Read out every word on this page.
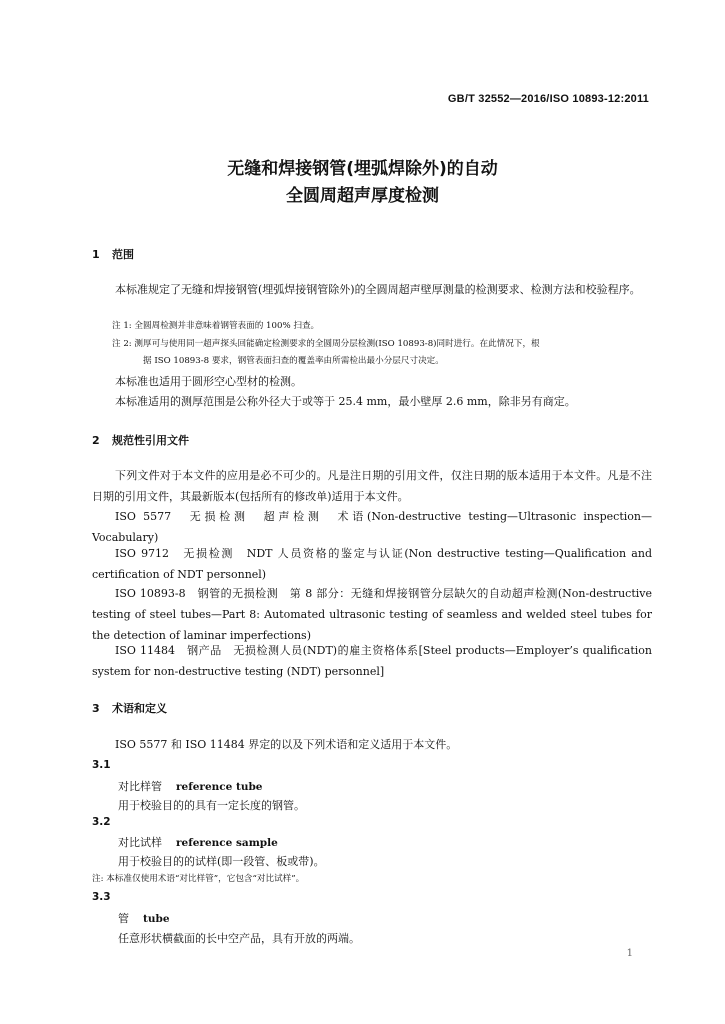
GB/T 32552—2016/ISO 10893-12:2011
无缝和焊接钢管(埋弧焊除外)的自动
全圆周超声厚度检测
1 范围
本标准规定了无缝和焊接钢管(埋弧焊接钢管除外)的全圆周超声壁厚测量的检测要求、检测方法和校验程序。
注 1: 全圆周检测并非意味着钢管表面的 100% 扫查。
注 2: 测厚可与使用同一超声探头回能确定检测要求的全圆周分层检测(ISO 10893-8)同时进行。在此情况下，根
据 ISO 10893-8 要求，钢管表面扫查的覆盖率由所需检出最小分层尺寸决定。
本标准也适用于圆形空心型材的检测。
本标准适用的测厚范围是公称外径大于或等于 25.4 mm，最小壁厚 2.6 mm，除非另有商定。
2 规范性引用文件
下列文件对于本文件的应用是必不可少的。凡是注日期的引用文件，仅注日期的版本适用于本文件。凡是不注日期的引用文件，其最新版本(包括所有的修改单)适用于本文件。
ISO 5577　无损检测　超声检测　术语(Non-destructive testing—Ultrasonic inspection— Vocabulary)
ISO 9712　无损检测　NDT 人员资格的鉴定与认证(Non destructive testing—Qualification and certification of NDT personnel)
ISO 10893-8　钢管的无损检测　第 8 部分：无缝和焊接钢管分层缺欠的自动超声检测(Non-destructive testing of steel tubes—Part 8: Automated ultrasonic testing of seamless and welded steel tubes for the detection of laminar imperfections)
ISO 11484　钢产品　无损检测人员(NDT)的雇主资格体系[Steel products—Employer’s qualification system for non-destructive testing (NDT) personnel]
3 术语和定义
ISO 5577 和 ISO 11484 界定的以及下列术语和定义适用于本文件。
3.1
对比样管 reference tube
用于校验目的的具有一定长度的钢管。
3.2
对比试样 reference sample
用于校验目的的试样(即一段管、板或带)。
注: 本标准仅使用术语“对比样管”，它包含“对比试样”。
3.3
管 tube
任意形状横截面的长中空产品，具有开放的两端。
1
